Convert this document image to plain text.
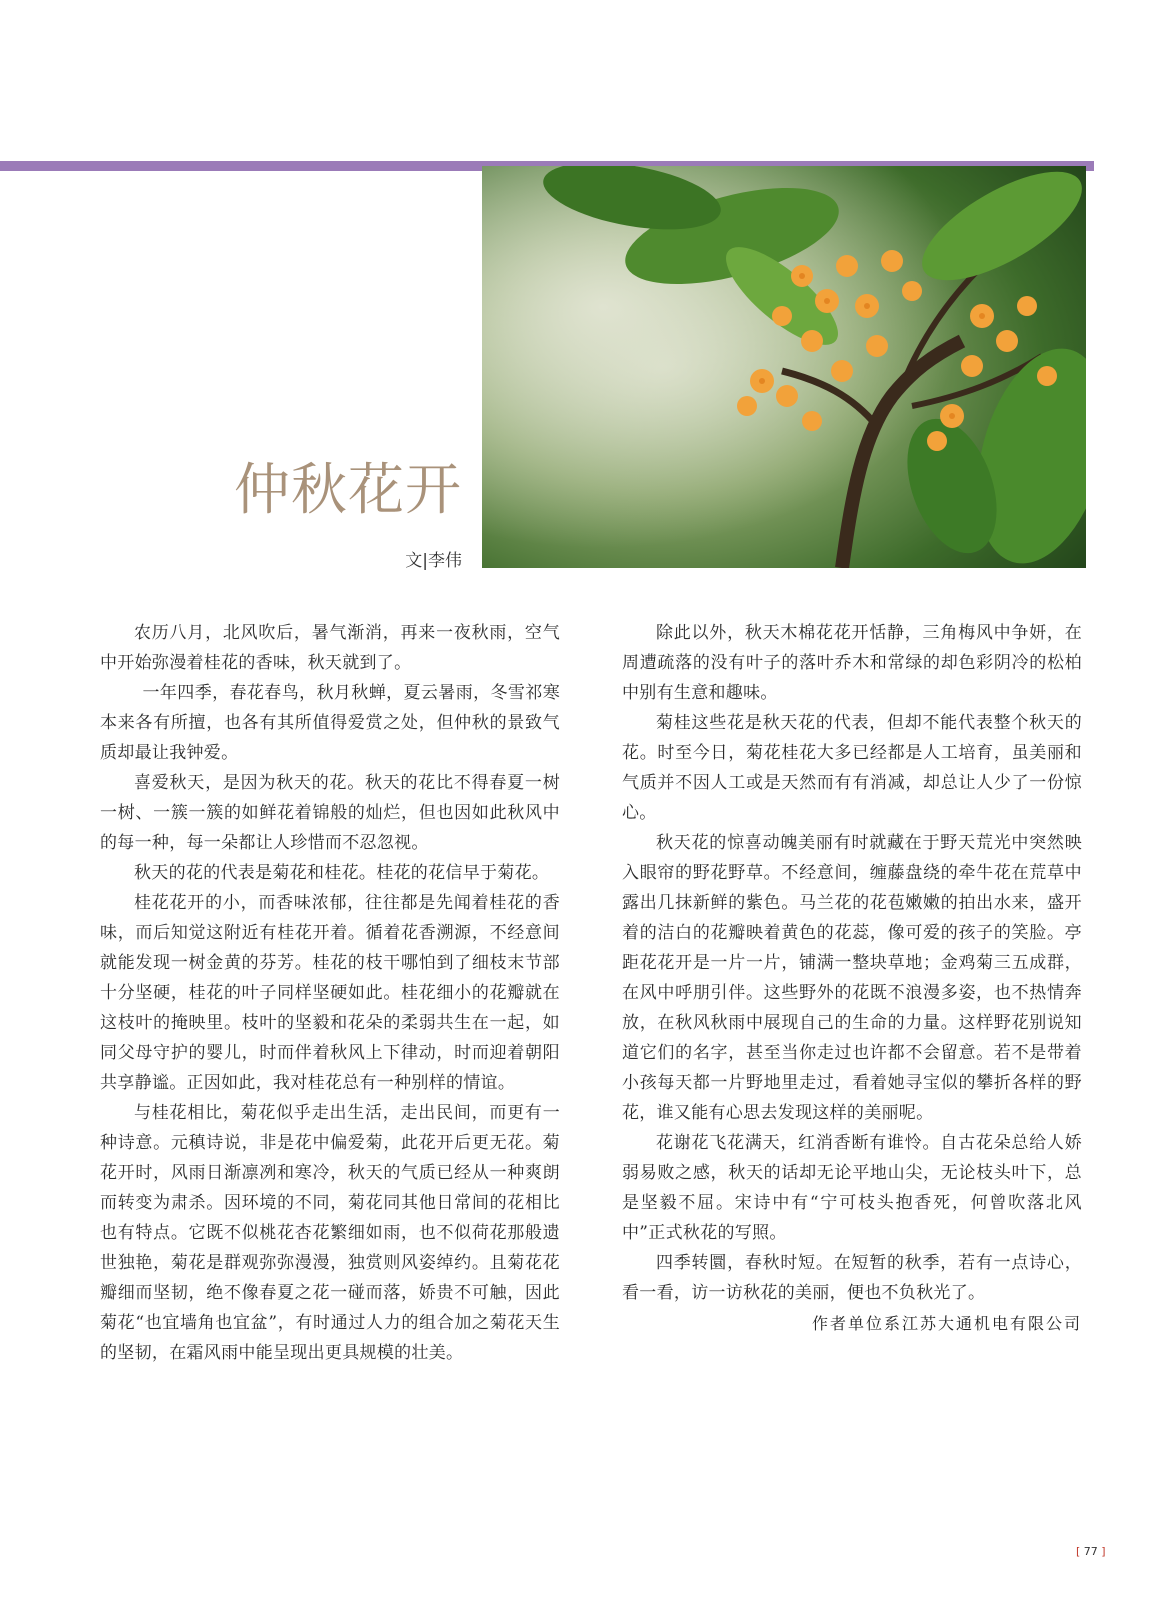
仲秋花开
文|李伟

农历八月，北风吹后，暑气渐消，再来一夜秋雨，空气中开始弥漫着桂花的香味，秋天就到了。

一年四季，春花春鸟，秋月秋蝉，夏云暑雨，冬雪祁寒本来各有所擅，也各有其所值得爱赏之处，但仲秋的景致气质却最让我钟爱。

喜爱秋天，是因为秋天的花。秋天的花比不得春夏一树一树、一簇一簇的如鲜花着锦般的灿烂，但也因如此秋风中的每一种，每一朵都让人珍惜而不忍忽视。

秋天的花的代表是菊花和桂花。桂花的花信早于菊花。

桂花花开的小，而香味浓郁，往往都是先闻着桂花的香味，而后知觉这附近有桂花开着。循着花香溯源，不经意间就能发现一树金黄的芬芳。桂花的枝干哪怕到了细枝末节部十分坚硬，桂花的叶子同样坚硬如此。桂花细小的花瓣就在这枝叶的掩映里。枝叶的坚毅和花朵的柔弱共生在一起，如同父母守护的婴儿，时而伴着秋风上下律动，时而迎着朝阳共享静谧。正因如此，我对桂花总有一种别样的情谊。

与桂花相比，菊花似乎走出生活，走出民间，而更有一种诗意。元稹诗说，非是花中偏爱菊，此花开后更无花。菊花开时，风雨日渐凛冽和寒冷，秋天的气质已经从一种爽朗而转变为肃杀。因环境的不同，菊花同其他日常间的花相比也有特点。它既不似桃花杏花繁细如雨，也不似荷花那般遗世独艳，菊花是群观弥弥漫漫，独赏则风姿绰约。且菊花花瓣细而坚韧，绝不像春夏之花一碰而落，娇贵不可触，因此菊花“也宜墙角也宜盆”，有时通过人力的组合加之菊花天生的坚韧，在霜风雨中能呈现出更具规模的壮美。

除此以外，秋天木棉花花开恬静，三角梅风中争妍，在周遭疏落的没有叶子的落叶乔木和常绿的却色彩阴冷的松柏中别有生意和趣味。

菊桂这些花是秋天花的代表，但却不能代表整个秋天的花。时至今日，菊花桂花大多已经都是人工培育，虽美丽和气质并不因人工或是天然而有有消减，却总让人少了一份惊心。

秋天花的惊喜动魄美丽有时就藏在于野天荒光中突然映入眼帘的野花野草。不经意间，缠藤盘绕的牵牛花在荒草中露出几抹新鲜的紫色。马兰花的花苞嫩嫩的拍出水来，盛开着的洁白的花瓣映着黄色的花蕊，像可爱的孩子的笑脸。亭距花花开是一片一片，铺满一整块草地；金鸡菊三五成群，在风中呼朋引伴。这些野外的花既不浪漫多姿，也不热情奔放，在秋风秋雨中展现自己的生命的力量。这样野花别说知道它们的名字，甚至当你走过也许都不会留意。若不是带着小孩每天都一片野地里走过，看着她寻宝似的攀折各样的野花，谁又能有心思去发现这样的美丽呢。

花谢花飞花满天，红消香断有谁怜。自古花朵总给人娇弱易败之感，秋天的话却无论平地山尖，无论枝头叶下，总是坚毅不屈。宋诗中有“宁可枝头抱香死，何曾吹落北风中”正式秋花的写照。

四季转圜，春秋时短。在短暂的秋季，若有一点诗心，看一看，访一访秋花的美丽，便也不负秋光了。

作者单位系江苏大通机电有限公司
[ 77 ]
